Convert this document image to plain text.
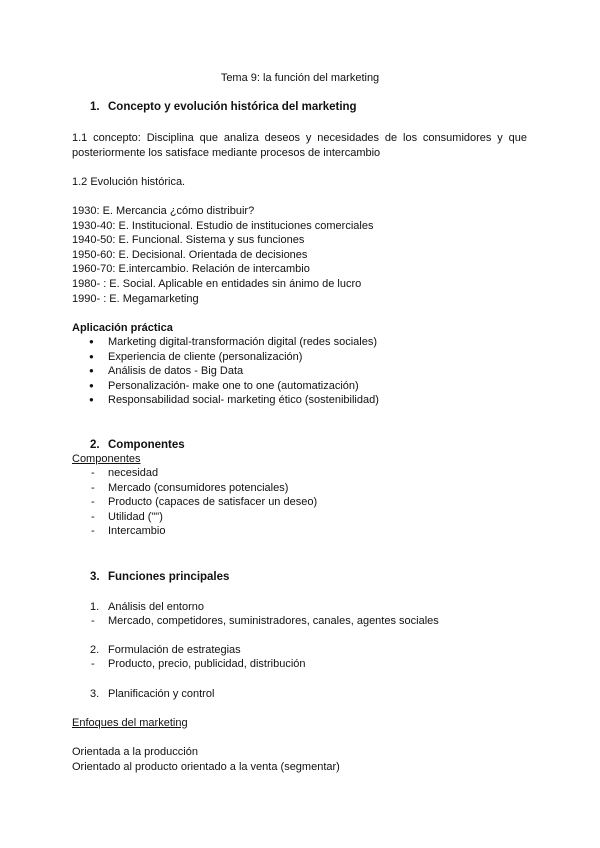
Tema 9: la función del marketing
1. Concepto y evolución histórica del marketing
1.1 concepto: Disciplina que analiza deseos y necesidades de los consumidores y que posteriormente los satisface mediante procesos de intercambio
1.2 Evolución histórica.
1930: E. Mercancia ¿cómo distribuir?
1930-40: E. Institucional. Estudio de instituciones comerciales
1940-50: E. Funcional. Sistema y sus funciones
1950-60: E. Decisional. Orientada de decisiones
1960-70: E.intercambio. Relación de intercambio
1980- : E. Social. Aplicable en entidades sin ánimo de lucro
1990- : E. Megamarketing
Aplicación práctica
● Marketing digital-transformación digital (redes sociales)
● Experiencia de cliente (personalización)
● Análisis de datos - Big Data
● Personalización- make one to one (automatización)
● Responsabilidad social- marketing ético (sostenibilidad)
2. Componentes
Componentes
- necesidad
- Mercado (consumidores potenciales)
- Producto (capaces de satisfacer un deseo)
- Utilidad ("")
- Intercambio
3. Funciones principales
1. Análisis del entorno
- Mercado, competidores, suministradores, canales, agentes sociales
2. Formulación de estrategias
- Producto, precio, publicidad, distribución
3. Planificación y control
Enfoques del marketing
Orientada a la producción
Orientado al producto orientado a la venta (segmentar)
